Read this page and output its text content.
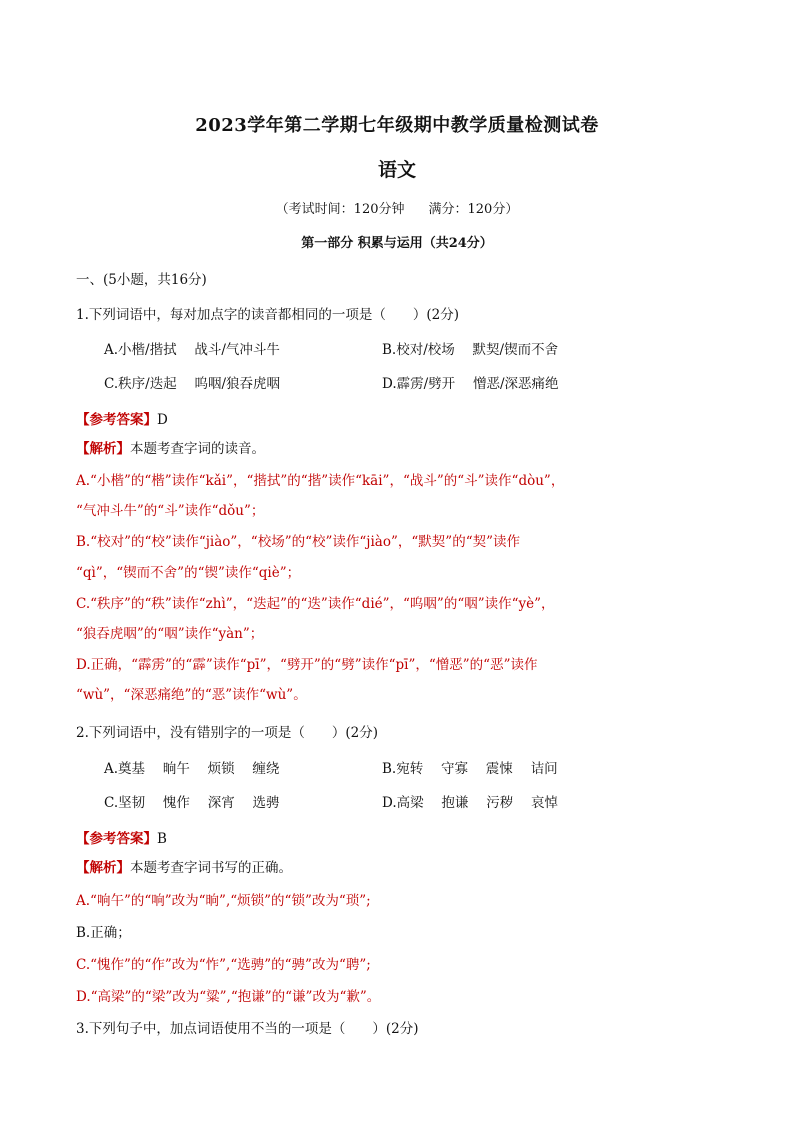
2023学年第二学期七年级期中教学质量检测试卷
语文
（考试时间：120分钟 满分：120分）
第一部分 积累与运用（共24分）
一、(5小题，共16分)
1.下列词语中，每对加点字的读音都相同的一项是（　　）(2分)
A.小楷/揩拭　 战斗/气冲斗牛	B.校对/校场　 默契/锲而不舍
C.秩序/迭起　 呜咽/狼吞虎咽	D.霹雳/劈开　 憎恶/深恶痛绝
【参考答案】D
【解析】本题考查字词的读音。
A.“小楷”的“楷”读作“kǎi”，“揩拭”的“揩”读作“kāi”，“战斗”的“斗”读作“dòu”，
“气冲斗牛”的“斗”读作“dǒu”；
B.“校对”的“校”读作“jiào”，“校场”的“校”读作“jiào”，“默契”的“契”读作
“qì”，“锲而不舍”的“锲”读作“qiè”；
C.“秩序”的“秩”读作“zhì”，“迭起”的“迭”读作“dié”，“呜咽”的“咽”读作“yè”，
“狼吞虎咽”的“咽”读作“yàn”；
D.正确，“霹雳”的“霹”读作“pī”，“劈开”的“劈”读作“pī”，“憎恶”的“恶”读作
“wù”，“深恶痛绝”的“恶”读作“wù”。
2.下列词语中，没有错别字的一项是（　　）(2分)
A.奠基　 晌午　 烦锁　 缠绕	B.宛转　 守寡　 震悚　 诘问
C.坚韧　 愧作　 深宵　 选骋	D.高梁　 抱谦　 污秽　 哀悼
【参考答案】B
【解析】本题考查字词书写的正确。
A.“响午”的“响”改为“晌”,“烦锁”的“锁”改为“琐”;
B.正确；
C.“愧作”的“作”改为“怍”,“选骋”的“骋”改为“聘”;
D.“高梁”的“梁”改为“粱”,“抱谦”的“谦”改为“歉”。
3.下列句子中，加点词语使用不当的一项是（　　）(2分)
